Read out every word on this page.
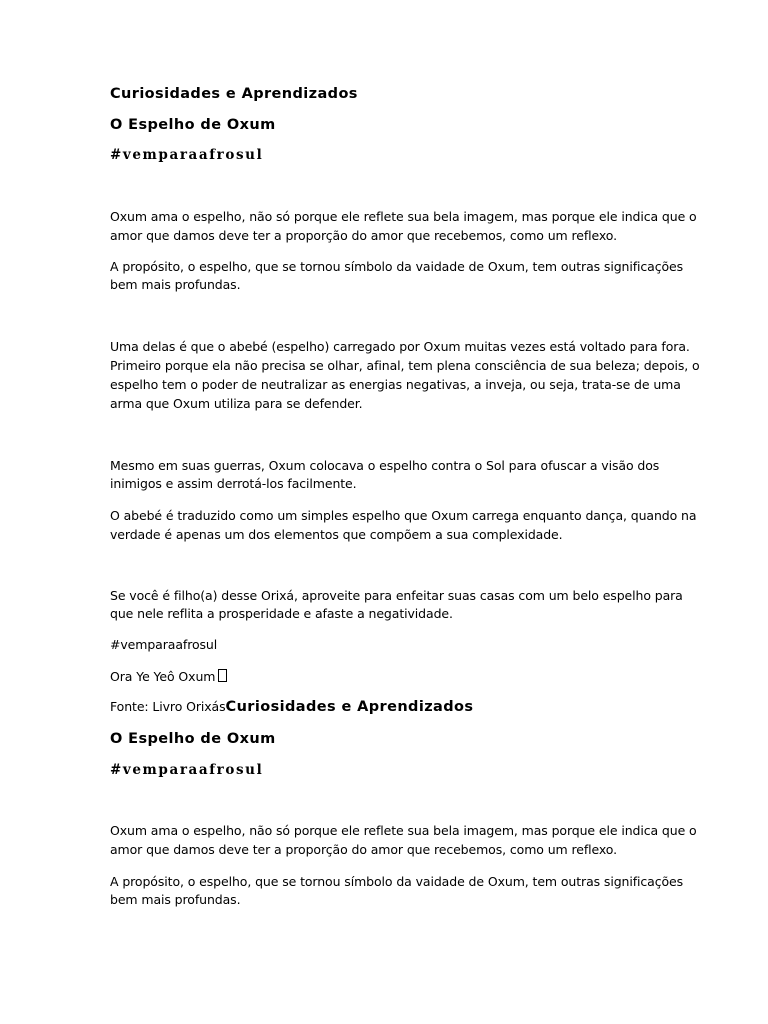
Curiosidades e Aprendizados
O Espelho de Oxum
#vemparaafrosul
Oxum ama o espelho, não só porque ele reflete sua bela imagem, mas porque ele indica que o
amor que damos deve ter a proporção do amor que recebemos, como um reflexo.
A propósito, o espelho, que se tornou símbolo da vaidade de Oxum, tem outras significações
bem mais profundas.
Uma delas é que o abebé (espelho) carregado por Oxum muitas vezes está voltado para fora.
Primeiro porque ela não precisa se olhar, afinal, tem plena consciência de sua beleza; depois, o
espelho tem o poder de neutralizar as energias negativas, a inveja, ou seja, trata-se de uma
arma que Oxum utiliza para se defender.
Mesmo em suas guerras, Oxum colocava o espelho contra o Sol para ofuscar a visão dos
inimigos e assim derrotá-los facilmente.
O abebé é traduzido como um simples espelho que Oxum carrega enquanto dança, quando na
verdade é apenas um dos elementos que compõem a sua complexidade.
Se você é filho(a) desse Orixá, aproveite para enfeitar suas casas com um belo espelho para
que nele reflita a prosperidade e afaste a negatividade.
#vemparaafrosul
Ora Ye Yeô Oxum
Fonte: Livro OrixásCuriosidades e Aprendizados
O Espelho de Oxum
#vemparaafrosul
Oxum ama o espelho, não só porque ele reflete sua bela imagem, mas porque ele indica que o
amor que damos deve ter a proporção do amor que recebemos, como um reflexo.
A propósito, o espelho, que se tornou símbolo da vaidade de Oxum, tem outras significações
bem mais profundas.
